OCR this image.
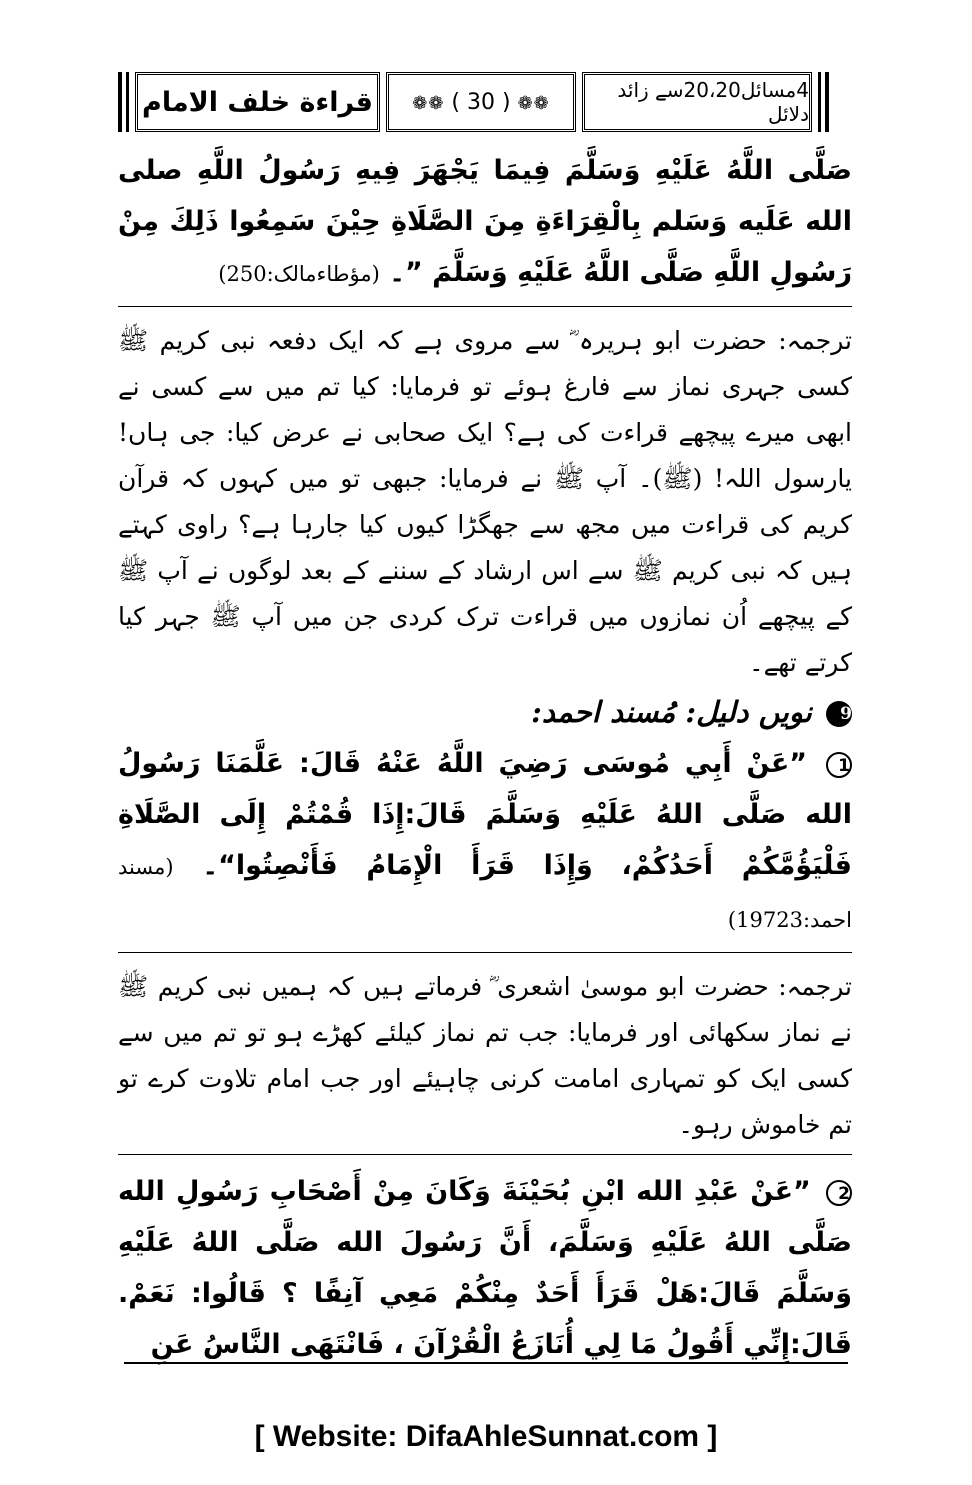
قراءة خلف الامام ❁❁ ( 30 ) ❁❁
4مسائل20،20سے زائد دلائل

صَلَّى اللَّهُ عَلَيْهِ وَسَلَّمَ فِيمَا يَجْهَرَ فِيهِ رَسُولُ اللَّهِ صلى الله عَلَيه وَسَلم بِالْقِرَاءَةِ مِنَ الصَّلَاةِ حِيْنَ سَمِعُوا ذَلِكَ مِنْ رَسُولِ اللَّهِ صَلَّى اللَّهُ عَلَيْهِ وَسَلَّمَ ”۔ (مؤطاءمالک:250)

ترجمہ: حضرت ابو ہریرہ ؓ سے مروی ہے کہ ایک دفعہ نبی کریم ﷺ کسی جہری نماز سے فارغ ہوئے تو فرمایا: کیا تم میں سے کسی نے ابھی میرے پیچھے قراءت کی ہے؟ ایک صحابی نے عرض کیا: جی ہاں! یارسول اللہ! (ﷺ)۔ آپ ﷺ نے فرمایا: جبھی تو میں کہوں کہ قرآن کریم کی قراءت میں مجھ سے جھگڑا کیوں کیا جارہا ہے؟ راوی کہتے ہیں کہ نبی کریم ﷺ سے اس ارشاد کے سننے کے بعد لوگوں نے آپ ﷺ کے پیچھے اُن نمازوں میں قراءت ترک کردی جن میں آپ ﷺ جہر کیا کرتے تھے۔

9 نویں دلیل: مُسند احمد:

1 ”عَنْ أَبِي مُوسَى رَضِيَ اللَّهُ عَنْهُ قَالَ: عَلَّمَنَا رَسُولُ الله صَلَّى اللهُ عَلَيْهِ وَسَلَّمَ قَالَ:إِذَا قُمْتُمْ إِلَى الصَّلَاةِ فَلْيَؤُمَّكُمْ أَحَدُكُمْ، وَإِذَا قَرَأَ الْإِمَامُ فَأَنْصِتُوا“۔ (مسند احمد:19723)

ترجمہ: حضرت ابو موسیٰ اشعری ؓ فرماتے ہیں کہ ہمیں نبی کریم ﷺ نے نماز سکھائی اور فرمایا: جب تم نماز کیلئے کھڑے ہو تو تم میں سے کسی ایک کو تمہاری امامت کرنی چاہیئے اور جب امام تلاوت کرے تو تم خاموش رہو۔

2 ”عَنْ عَبْدِ الله ابْنِ بُحَيْنَةَ وَكَانَ مِنْ أَصْحَابِ رَسُولِ الله صَلَّى اللهُ عَلَيْهِ وَسَلَّمَ، أَنَّ رَسُولَ الله صَلَّى اللهُ عَلَيْهِ وَسَلَّمَ قَالَ:هَلْ قَرَأَ أَحَدٌ مِنْكُمْ مَعِي آنِفًا ؟ قَالُوا: نَعَمْ. قَالَ:إِنِّي أَقُولُ مَا لِي أُنَازَعُ الْقُرْآنَ ، فَانْتَهَى النَّاسُ عَنِ

[ Website: DifaAhleSunnat.com ]
